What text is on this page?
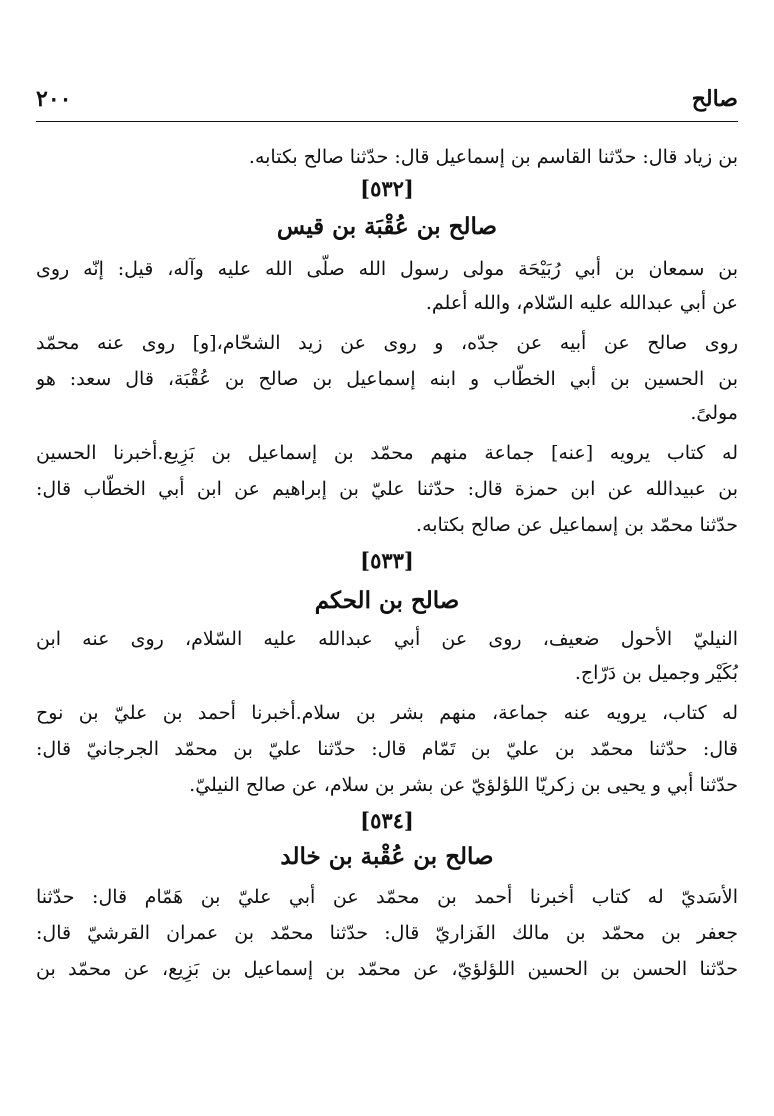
صالح
٢٠٠
بن زياد قال: حدّثنا القاسم بن إسماعيل قال: حدّثنا صالح بكتابه.
[٥٣٢]
صالح بن عُقْبَة بن قيس
بن سمعان بن أبي رُبَيْحَة مولى رسول الله صلّى الله عليه وآله، قيل: إنّه روى
عن أبي عبدالله عليه السّلام، والله أعلم.
روى صالح عن أبيه عن جدّه، و روى عن زيد الشحّام،[و] روى عنه محمّد
بن الحسين بن أبي الخطّاب و ابنه إسماعيل بن صالح بن عُقْبَة، قال سعد: هو
مولىً.
له كتاب يرويه [عنه] جماعة منهم محمّد بن إسماعيل بن بَزِيع.أخبرنا الحسين
بن عبيدالله عن ابن حمزة قال: حدّثنا عليّ بن إبراهيم عن ابن أبي الخطّاب قال:
حدّثنا محمّد بن إسماعيل عن صالح بكتابه.
[٥٣٣]
صالح بن الحكم
النيليّ الأحول ضعيف، روى عن أبي عبدالله عليه السّلام، روى عنه ابن
بُكَيْر وجميل بن دَرّاج.
له كتاب، يرويه عنه جماعة، منهم بشر بن سلام.أخبرنا أحمد بن عليّ بن نوح
قال: حدّثنا محمّد بن عليّ بن تَمّام قال: حدّثنا عليّ بن محمّد الجرجانيّ قال:
حدّثنا أبي و يحيى بن زكريّا اللؤلؤيّ عن بشر بن سلام، عن صالح النيليّ.
[٥٣٤]
صالح بن عُقْبة بن خالد
الأسَديّ له كتاب أخبرنا أحمد بن محمّد عن أبي عليّ بن هَمّام قال: حدّثنا
جعفر بن محمّد بن مالك الفَزاريّ قال: حدّثنا محمّد بن عمران القرشيّ قال:
حدّثنا الحسن بن الحسين اللؤلؤيّ، عن محمّد بن إسماعيل بن بَزِيع، عن محمّد بن
